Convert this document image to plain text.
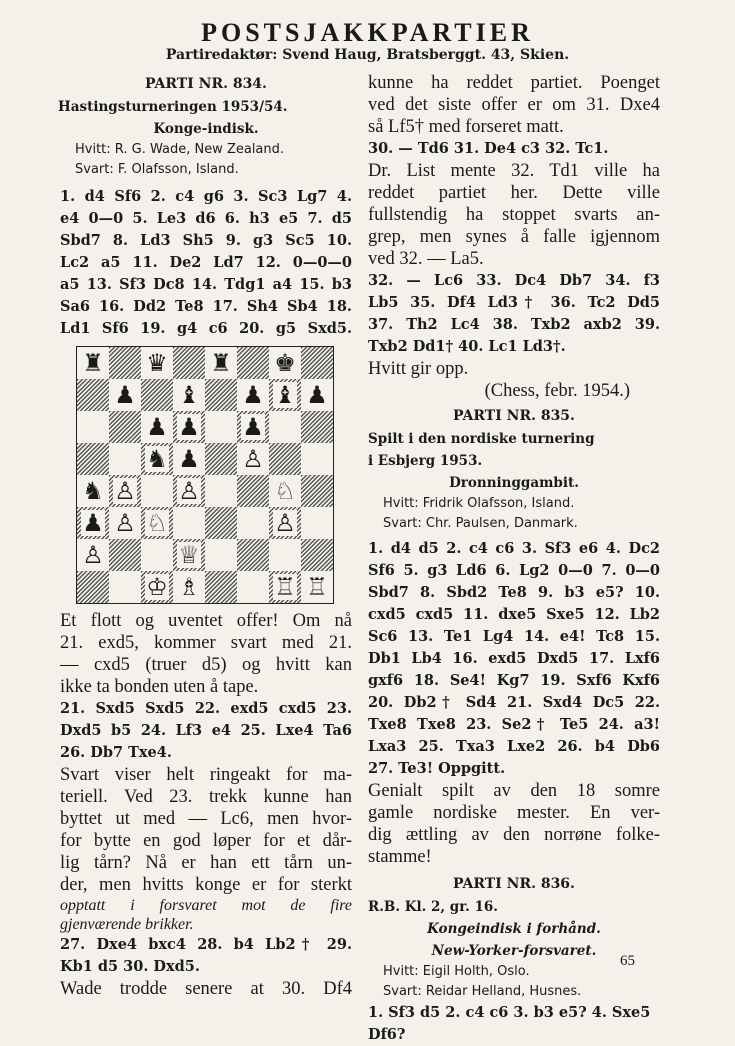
POSTSJAKKPARTIER
Partiredaktør: Svend Haug, Bratsberggt. 43, Skien.
PARTI NR. 834.
Hastingsturneringen 1953/54.
Konge-indisk.
Hvitt: R. G. Wade, New Zealand.
Svart: F. Olafsson, Island.
1. d4 Sf6 2. c4 g6 3. Sc3 Lg7 4.
e4 0—0 5. Le3 d6 6. h3 e5 7. d5
Sbd7 8. Ld3 Sh5 9. g3 Sc5 10.
Lc2 a5 11. De2 Ld7 12. 0—0—0
a5 13. Sf3 Dc8 14. Tdg1 a4 15. b3
Sa6 16. Dd2 Te8 17. Sh4 Sb4 18.
Ld1 Sf6 19. g4 c6 20. g5 Sxd5.
♜ ♛ ♜ ♚
♟ ♝ ♟ ♝ ♟
♟ ♟ ♟
♞ ♟ ♙
♞ ♙ ♙	♘
♟ ♙ ♘	♙
♙	♕
♔ ♗	♖ ♖
Et flott og uventet offer! Om nå
21. exd5, kommer svart med 21.
— cxd5 (truer d5) og hvitt kan
ikke ta bonden uten å tape.
21. Sxd5 Sxd5 22. exd5 cxd5 23.
Dxd5 b5 24. Lf3 e4 25. Lxe4 Ta6
26. Db7 Txe4.
Svart viser helt ringeakt for ma-
teriell. Ved 23. trekk kunne han
byttet ut med — Lc6, men hvor-
for bytte en god løper for et dår-
lig tårn? Nå er han ett tårn un-
der, men hvitts konge er for sterkt
opptatt i forsvaret mot de fire
gjenværende brikker.
27. Dxe4 bxc4 28. b4 Lb2† 29.
Kb1 d5 30. Dxd5.
Wade trodde senere at 30. Df4
kunne ha reddet partiet. Poenget
ved det siste offer er om 31. Dxe4
så Lf5† med forseret matt.
30. — Td6 31. De4 c3 32. Tc1.
Dr. List mente 32. Td1 ville ha
reddet partiet her. Dette ville
fullstendig ha stoppet svarts an-
grep, men synes å falle igjennom
ved 32. — La5.
32. — Lc6 33. Dc4 Db7 34. f3
Lb5 35. Df4 Ld3† 36. Tc2 Dd5
37. Th2 Lc4 38. Txb2 axb2 39.
Txb2 Dd1† 40. Lc1 Ld3†.
Hvitt gir opp.
(Chess, febr. 1954.)
PARTI NR. 835.
Spilt i den nordiske turnering
i Esbjerg 1953.
Dronninggambit.
Hvitt: Fridrik Olafsson, Island.
Svart: Chr. Paulsen, Danmark.
1. d4 d5 2. c4 c6 3. Sf3 e6 4. Dc2
Sf6 5. g3 Ld6 6. Lg2 0—0 7. 0—0
Sbd7 8. Sbd2 Te8 9. b3 e5? 10.
cxd5 cxd5 11. dxe5 Sxe5 12. Lb2
Sc6 13. Te1 Lg4 14. e4! Tc8 15.
Db1 Lb4 16. exd5 Dxd5 17. Lxf6
gxf6 18. Se4! Kg7 19. Sxf6 Kxf6
20. Db2† Sd4 21. Sxd4 Dc5 22.
Txe8 Txe8 23. Se2† Te5 24. a3!
Lxa3 25. Txa3 Lxe2 26. b4 Db6
27. Te3! Oppgitt.
Genialt spilt av den 18 somre
gamle nordiske mester. En ver-
dig ættling av den norrøne folke-
stamme!
PARTI NR. 836.
R.B. Kl. 2, gr. 16.
Kongeindisk i forhånd.
New-Yorker-forsvaret.
Hvitt: Eigil Holth, Oslo.
Svart: Reidar Helland, Husnes.
1. Sf3 d5 2. c4 c6 3. b3 e5? 4. Sxe5
Df6?
65
